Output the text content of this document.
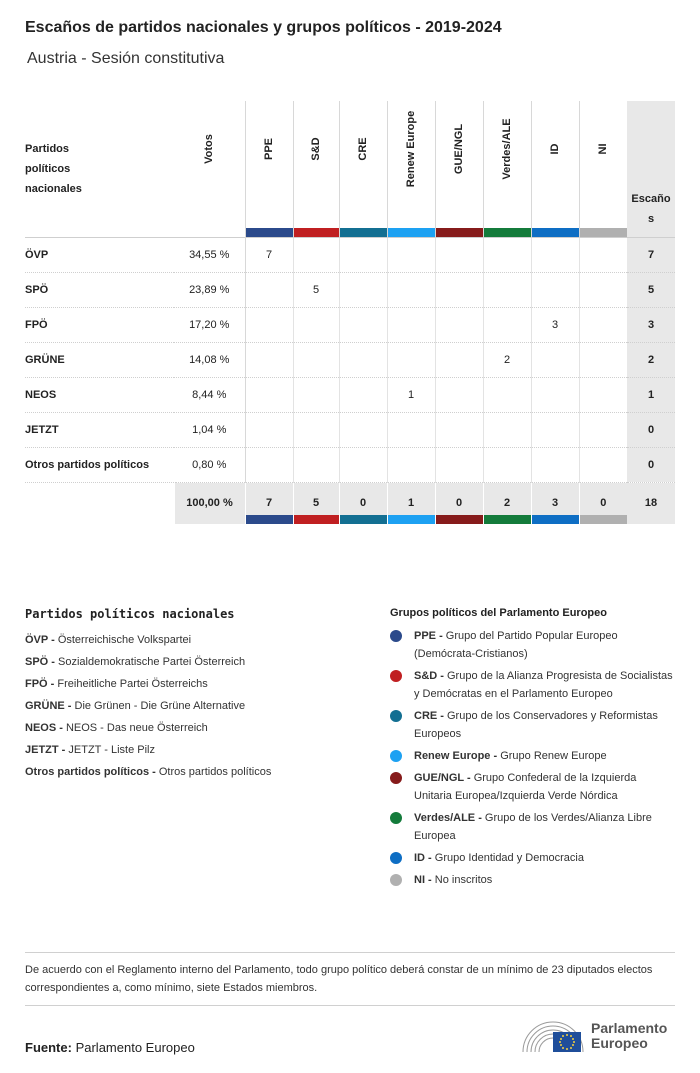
Escaños de partidos nacionales y grupos políticos - 2019-2024
Austria - Sesión constitutiva
Partidos políticos nacionales	Votos	PPE	S&D	CRE	Renew Europe	GUE/NGL	Verdes/ALE	ID	NI	Escaños

ÖVP	34,55 %	7								7
SPÖ	23,89 %		5							5
FPÖ	17,20 %							3		3
GRÜNE	14,08 %						2			2
NEOS	8,44 %				1					1
JETZT	1,04 %									0
Otros partidos políticos	0,80 %									0
	100,00 %	7	5	0	1	0	2	3	0	18
Partidos políticos nacionales
ÖVP - Österreichische Volkspartei
SPÖ - Sozialdemokratische Partei Österreich
FPÖ - Freiheitliche Partei Österreichs
GRÜNE - Die Grünen - Die Grüne Alternative
NEOS - NEOS - Das neue Österreich
JETZT - JETZT - Liste Pilz
Otros partidos políticos - Otros partidos políticos
Grupos políticos del Parlamento Europeo
PPE - Grupo del Partido Popular Europeo (Demócrata-Cristianos)
S&D - Grupo de la Alianza Progresista de Socialistas y Demócratas en el Parlamento Europeo
CRE - Grupo de los Conservadores y Reformistas Europeos
Renew Europe - Grupo Renew Europe
GUE/NGL - Grupo Confederal de la Izquierda Unitaria Europea/Izquierda Verde Nórdica
Verdes/ALE - Grupo de los Verdes/Alianza Libre Europea
ID - Grupo Identidad y Democracia
NI - No inscritos
De acuerdo con el Reglamento interno del Parlamento, todo grupo político deberá constar de un mínimo de 23 diputados electos correspondientes a, como mínimo, siete Estados miembros.
Fuente: Parlamento Europeo
Parlamento
Europeo
